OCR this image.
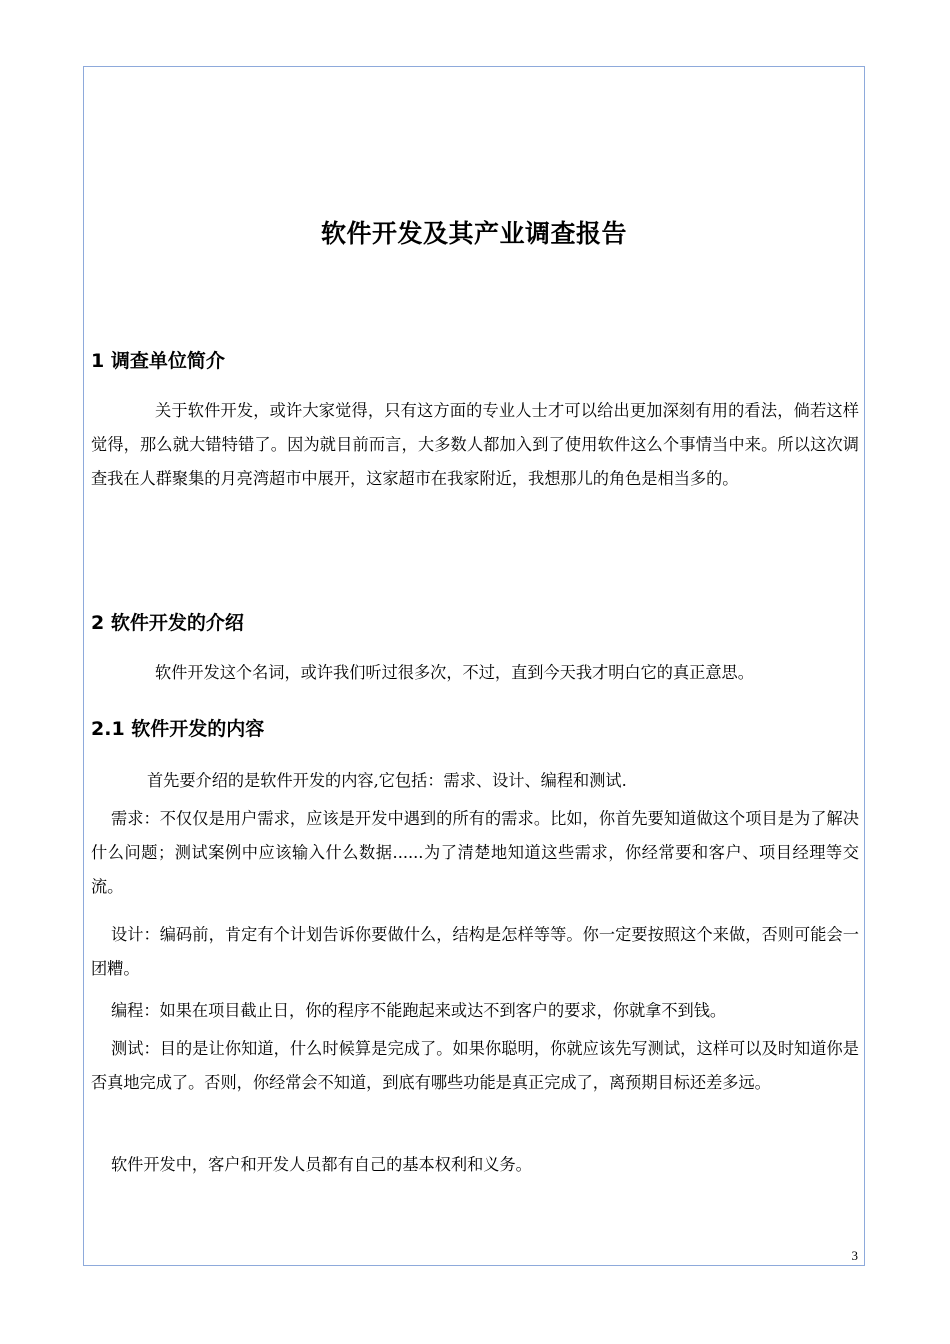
软件开发及其产业调查报告
1 调查单位简介

关于软件开发，或许大家觉得，只有这方面的专业人士才可以给出更加深刻有用的看法，倘若这样觉得，那么就大错特错了。因为就目前而言，大多数人都加入到了使用软件这么个事情当中来。所以这次调查我在人群聚集的月亮湾超市中展开，这家超市在我家附近，我想那儿的角色是相当多的。

2 软件开发的介绍

软件开发这个名词，或许我们听过很多次，不过，直到今天我才明白它的真正意思。

2.1 软件开发的内容

首先要介绍的是软件开发的内容,它包括：需求、设计、编程和测试.

需求：不仅仅是用户需求，应该是开发中遇到的所有的需求。比如，你首先要知道做这个项目是为了解决什么问题；测试案例中应该输入什么数据......为了清楚地知道这些需求，你经常要和客户、项目经理等交流。

设计：编码前，肯定有个计划告诉你要做什么，结构是怎样等等。你一定要按照这个来做，否则可能会一团糟。

编程：如果在项目截止日，你的程序不能跑起来或达不到客户的要求，你就拿不到钱。

测试：目的是让你知道，什么时候算是完成了。如果你聪明，你就应该先写测试，这样可以及时知道你是否真地完成了。否则，你经常会不知道，到底有哪些功能是真正完成了，离预期目标还差多远。

软件开发中，客户和开发人员都有自己的基本权利和义务。

3
